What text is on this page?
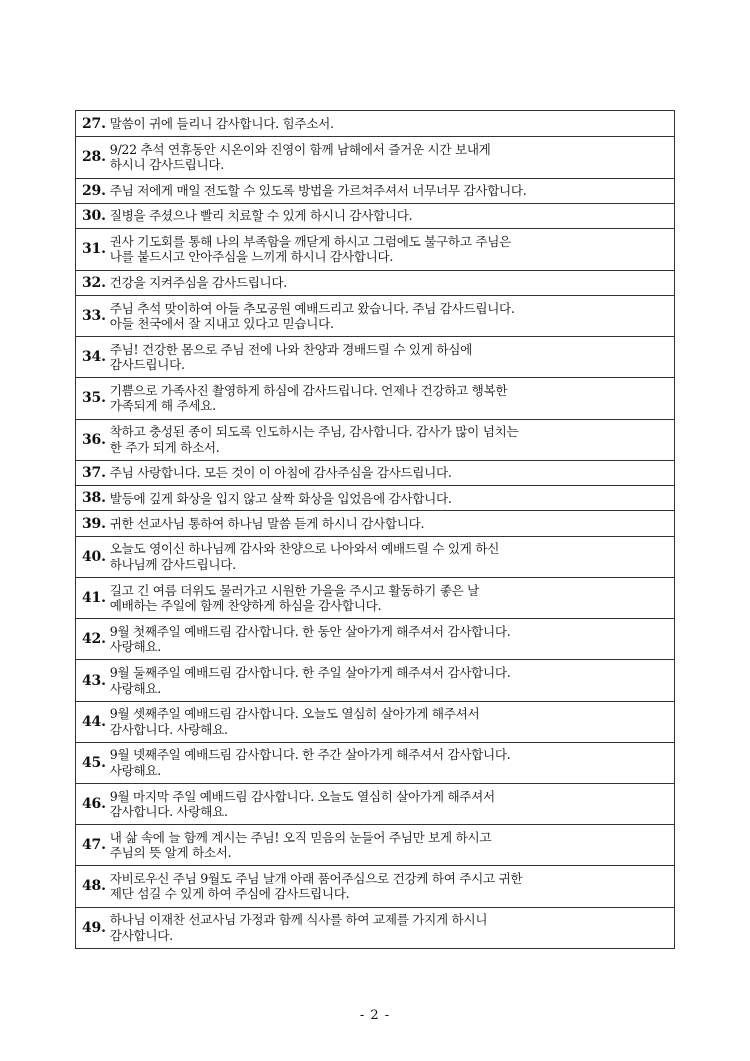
27. 말씀이 귀에 들리니 감사합니다. 힘주소서.
28. 9/22 추석 연휴동안 시온이와 진영이 함께 남해에서 즐거운 시간 보내게
하시니 감사드립니다.
29. 주님 저에게 매일 전도할 수 있도록 방법을 가르쳐주셔서 너무너무 감사합니다.
30. 질병을 주셨으나 빨리 치료할 수 있게 하시니 감사합니다.
31. 권사 기도회를 통해 나의 부족함을 깨닫게 하시고 그럼에도 불구하고 주님은
나를 붙드시고 안아주심을 느끼게 하시니 감사합니다.
32. 건강을 지켜주심을 감사드립니다.
33. 주님 추석 맞이하여 아들 추모공원 예배드리고 왔습니다. 주님 감사드립니다.
아들 천국에서 잘 지내고 있다고 믿습니다.
34. 주님! 건강한 몸으로 주님 전에 나와 찬양과 경배드릴 수 있게 하심에
감사드립니다.
35. 기쁨으로 가족사진 촬영하게 하심에 감사드립니다. 언제나 건강하고 행복한
가족되게 해 주세요.
36. 착하고 충성된 종이 되도록 인도하시는 주님, 감사합니다. 감사가 많이 넘치는
한 주가 되게 하소서.
37. 주님 사랑합니다. 모든 것이 이 아침에 감사주심을 감사드립니다.
38. 발등에 깊게 화상을 입지 않고 살짝 화상을 입었음에 감사합니다.
39. 귀한 선교사님 통하여 하나님 말씀 듣게 하시니 감사합니다.
40. 오늘도 영이신 하나님께 감사와 찬양으로 나아와서 예배드릴 수 있게 하신
하나님께 감사드립니다.
41. 길고 긴 여름 더위도 물러가고 시원한 가을을 주시고 활동하기 좋은 날
예배하는 주일에 함께 찬양하게 하심을 감사합니다.
42. 9월 첫째주일 예배드림 감사합니다. 한 동안 살아가게 해주셔서 감사합니다.
사랑해요.
43. 9월 둘째주일 예배드림 감사합니다. 한 주일 살아가게 해주셔서 감사합니다.
사랑해요.
44. 9월 셋째주일 예배드림 감사합니다. 오늘도 열심히 살아가게 해주셔서
감사합니다. 사랑해요.
45. 9월 넷째주일 예배드림 감사합니다. 한 주간 살아가게 해주셔서 감사합니다.
사랑해요.
46. 9월 마지막 주일 예배드림 감사합니다. 오늘도 열심히 살아가게 해주셔서
감사합니다. 사랑해요.
47. 내 삶 속에 늘 함께 계시는 주님! 오직 믿음의 눈들어 주님만 보게 하시고
주님의 뜻 알게 하소서.
48. 자비로우신 주님 9월도 주님 날개 아래 품어주심으로 건강케 하여 주시고 귀한
제단 섬길 수 있게 하여 주심에 감사드립니다.
49. 하나님 이재찬 선교사님 가정과 함께 식사를 하여 교제를 가지게 하시니
감사합니다.
- 2 -
